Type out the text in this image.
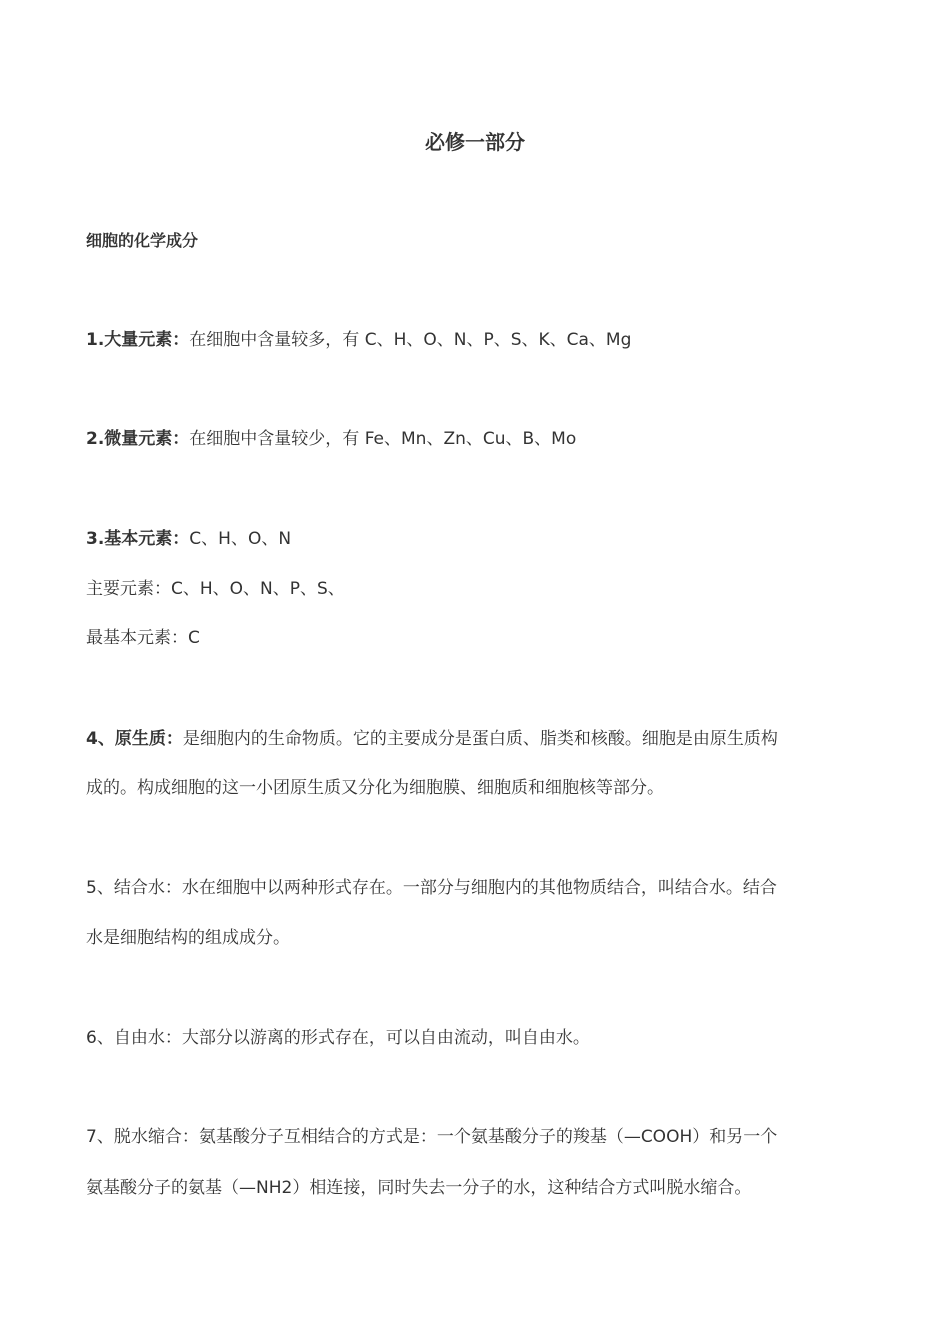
必修一部分
细胞的化学成分
1.大量元素：在细胞中含量较多，有 C、H、O、N、P、S、K、Ca、Mg
2.微量元素：在细胞中含量较少，有 Fe、Mn、Zn、Cu、B、Mo
3.基本元素：C、H、O、N
主要元素：C、H、O、N、P、S、
最基本元素：C
4、原生质：是细胞内的生命物质。它的主要成分是蛋白质、脂类和核酸。细胞是由原生质构
成的。构成细胞的这一小团原生质又分化为细胞膜、细胞质和细胞核等部分。
5、结合水：水在细胞中以两种形式存在。一部分与细胞内的其他物质结合，叫结合水。结合
水是细胞结构的组成成分。
6、自由水：大部分以游离的形式存在，可以自由流动，叫自由水。
7、脱水缩合：氨基酸分子互相结合的方式是：一个氨基酸分子的羧基（—COOH）和另一个
氨基酸分子的氨基（—NH2）相连接，同时失去一分子的水，这种结合方式叫脱水缩合。
